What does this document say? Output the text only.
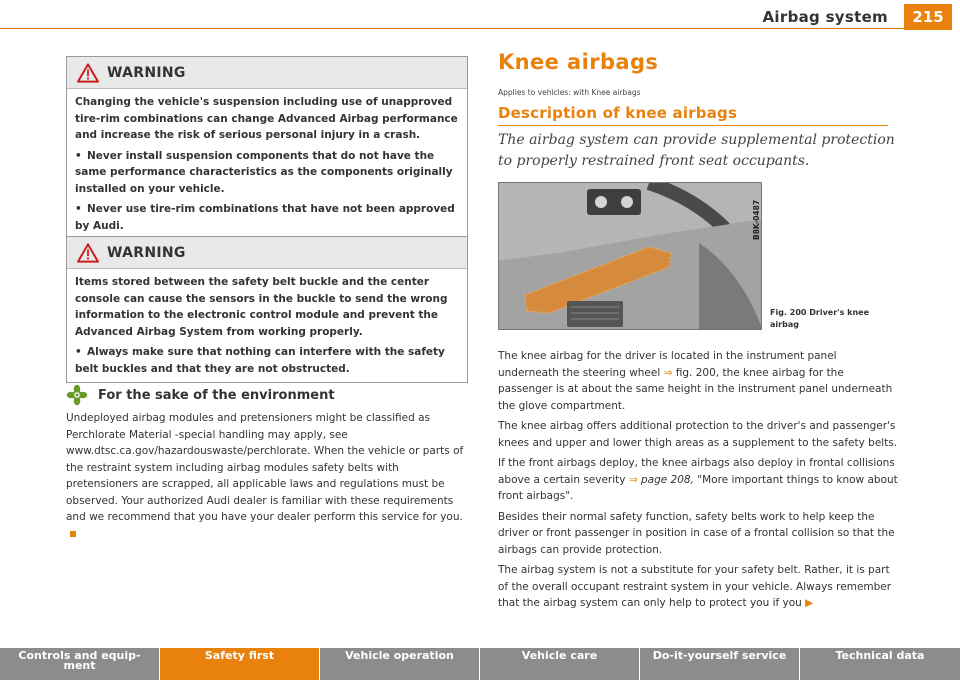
Airbag system	215
WARNING

Changing the vehicle's suspension including use of unapproved tire-rim combinations can change Advanced Airbag performance and increase the risk of serious personal injury in a crash.

• Never install suspension components that do not have the same performance characteristics as the components originally installed on your vehicle.

• Never use tire-rim combinations that have not been approved by Audi.

WARNING

Items stored between the safety belt buckle and the center console can cause the sensors in the buckle to send the wrong information to the electronic control module and prevent the Advanced Airbag System from working properly.

• Always make sure that nothing can interfere with the safety belt buckles and that they are not obstructed.

For the sake of the environment
Undeployed airbag modules and pretensioners might be classified as Perchlorate Material -special handling may apply, see www.dtsc.ca.gov/hazardouswaste/perchlorate. When the vehicle or parts of the restraint system including airbag modules safety belts with pretensioners are scrapped, all applicable laws and regulations must be observed. Your authorized Audi dealer is familiar with these requirements and we recommend that you have your dealer perform this service for you.
Knee airbags
Applies to vehicles: with Knee airbags
Description of knee airbags
The airbag system can provide supplemental protection to properly restrained front seat occupants.
B8K-0487
Fig. 200 Driver's knee airbag

The knee airbag for the driver is located in the instrument panel underneath the steering wheel ⇒ fig. 200, the knee airbag for the passenger is at about the same height in the instrument panel underneath the glove compartment.

The knee airbag offers additional protection to the driver's and passenger's knees and upper and lower thigh areas as a supplement to the safety belts.

If the front airbags deploy, the knee airbags also deploy in frontal collisions above a certain severity ⇒ page 208, "More important things to know about front airbags".

Besides their normal safety function, safety belts work to help keep the driver or front passenger in position in case of a frontal collision so that the airbags can provide protection.

The airbag system is not a substitute for your safety belt. Rather, it is part of the overall occupant restraint system in your vehicle. Always remember that the airbag system can only help to protect you if you ▶

Controls and equip-
ment
Safety first	Vehicle operation	Vehicle care	Do-it-yourself service	Technical data
